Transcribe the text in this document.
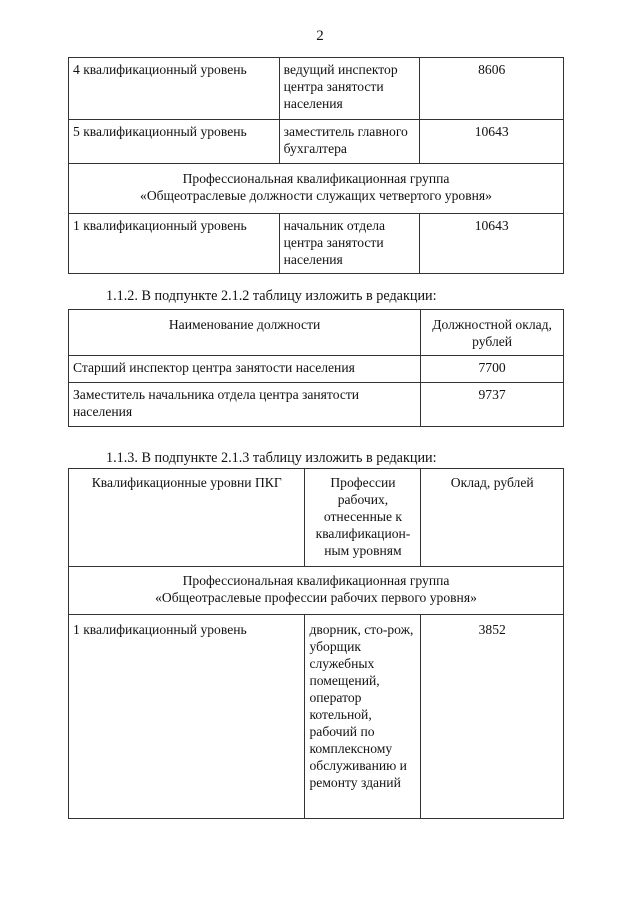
2
4 квалификационный уровень	ведущий инспектор центра занятости населения	8606
5 квалификационный уровень	заместитель главного бухгалтера	10643

Профессиональная квалификационная группа
«Общеотраслевые должности служащих четвертого уровня»		

1 квалификационный уровень	начальник отдела центра занятости населения	10643
1.1.2. В подпункте 2.1.2 таблицу изложить в редакции:
Наименование должности	Должностной оклад, рублей
Старший инспектор центра занятости населения	7700
Заместитель начальника отдела центра занятости населения	9737
1.1.3. В подпункте 2.1.3 таблицу изложить в редакции:
Квалификационные уровни ПКГ	Профессии рабочих, отнесенные к квалификацион-ным уровням	Оклад, рублей

Профессиональная квалификационная группа
«Общеотраслевые профессии рабочих первого уровня»		

1 квалификационный уровень	дворник, сто-рож, уборщик служебных помещений, оператор котельной, рабочий по комплексному обслуживанию и ремонту зданий	3852
